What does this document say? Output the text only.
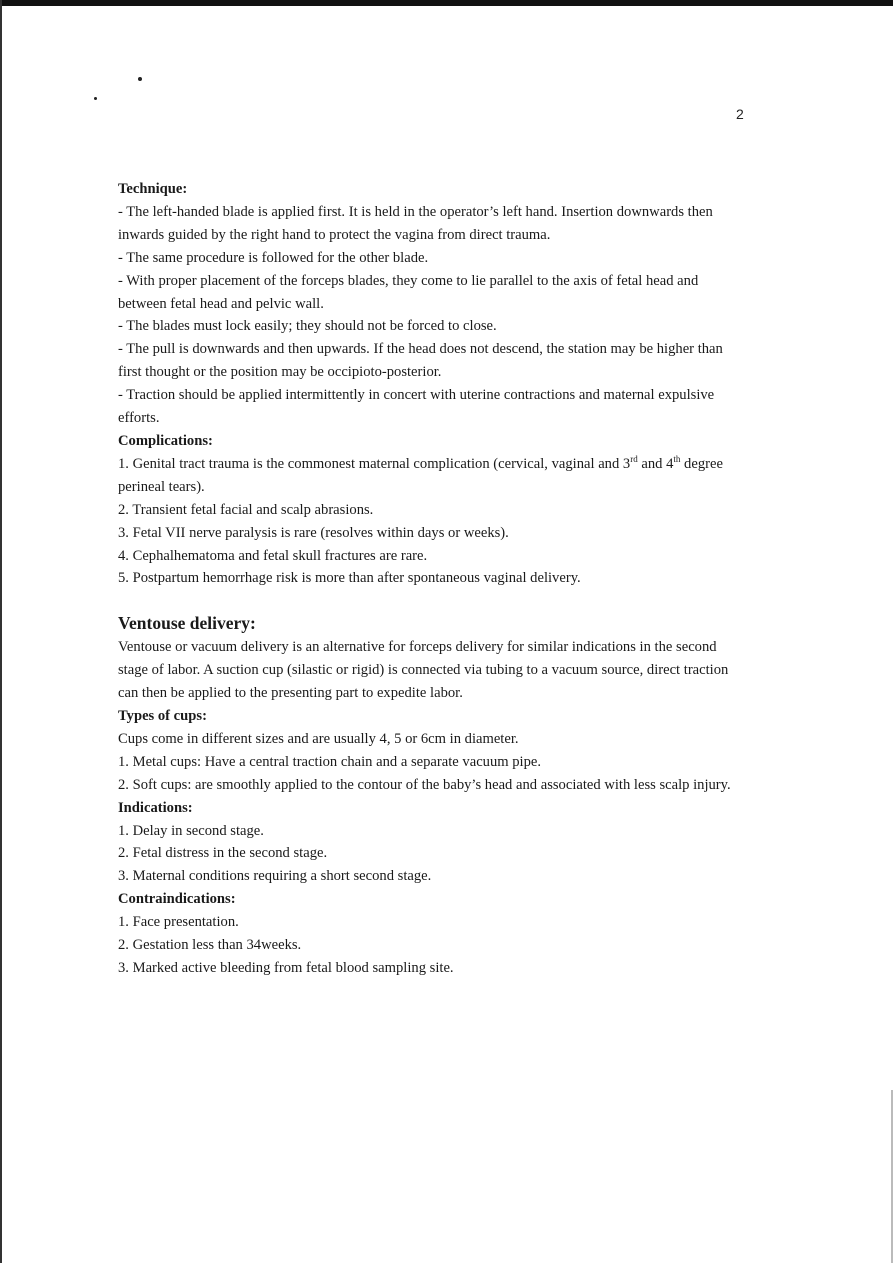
2

Technique:

- The left-handed blade is applied first. It is held in the operator’s left hand. Insertion downwards then inwards guided by the right hand to protect the vagina from direct trauma.

- The same procedure is followed for the other blade.

- With proper placement of the forceps blades, they come to lie parallel to the axis of fetal head and between fetal head and pelvic wall.

- The blades must lock easily; they should not be forced to close.

- The pull is downwards and then upwards. If the head does not descend, the station may be higher than first thought or the position may be occipioto-posterior.

- Traction should be applied intermittently in concert with uterine contractions and maternal expulsive efforts.

Complications:

1. Genital tract trauma is the commonest maternal complication (cervical, vaginal and 3rd and 4th degree perineal tears).

2. Transient fetal facial and scalp abrasions.

3. Fetal VII nerve paralysis is rare (resolves within days or weeks).

4. Cephalhematoma and fetal skull fractures are rare.

5. Postpartum hemorrhage risk is more than after spontaneous vaginal delivery.

Ventouse delivery:

Ventouse or vacuum delivery is an alternative for forceps delivery for similar indications in the second stage of labor. A suction cup (silastic or rigid) is connected via tubing to a vacuum source, direct traction can then be applied to the presenting part to expedite labor.

Types of cups:

Cups come in different sizes and are usually 4, 5 or 6cm in diameter.

1. Metal cups: Have a central traction chain and a separate vacuum pipe.

2. Soft cups: are smoothly applied to the contour of the baby’s head and associated with less scalp injury.

Indications:

1. Delay in second stage.

2. Fetal distress in the second stage.

3. Maternal conditions requiring a short second stage.

Contraindications:

1. Face presentation.

2. Gestation less than 34weeks.

3. Marked active bleeding from fetal blood sampling site.
